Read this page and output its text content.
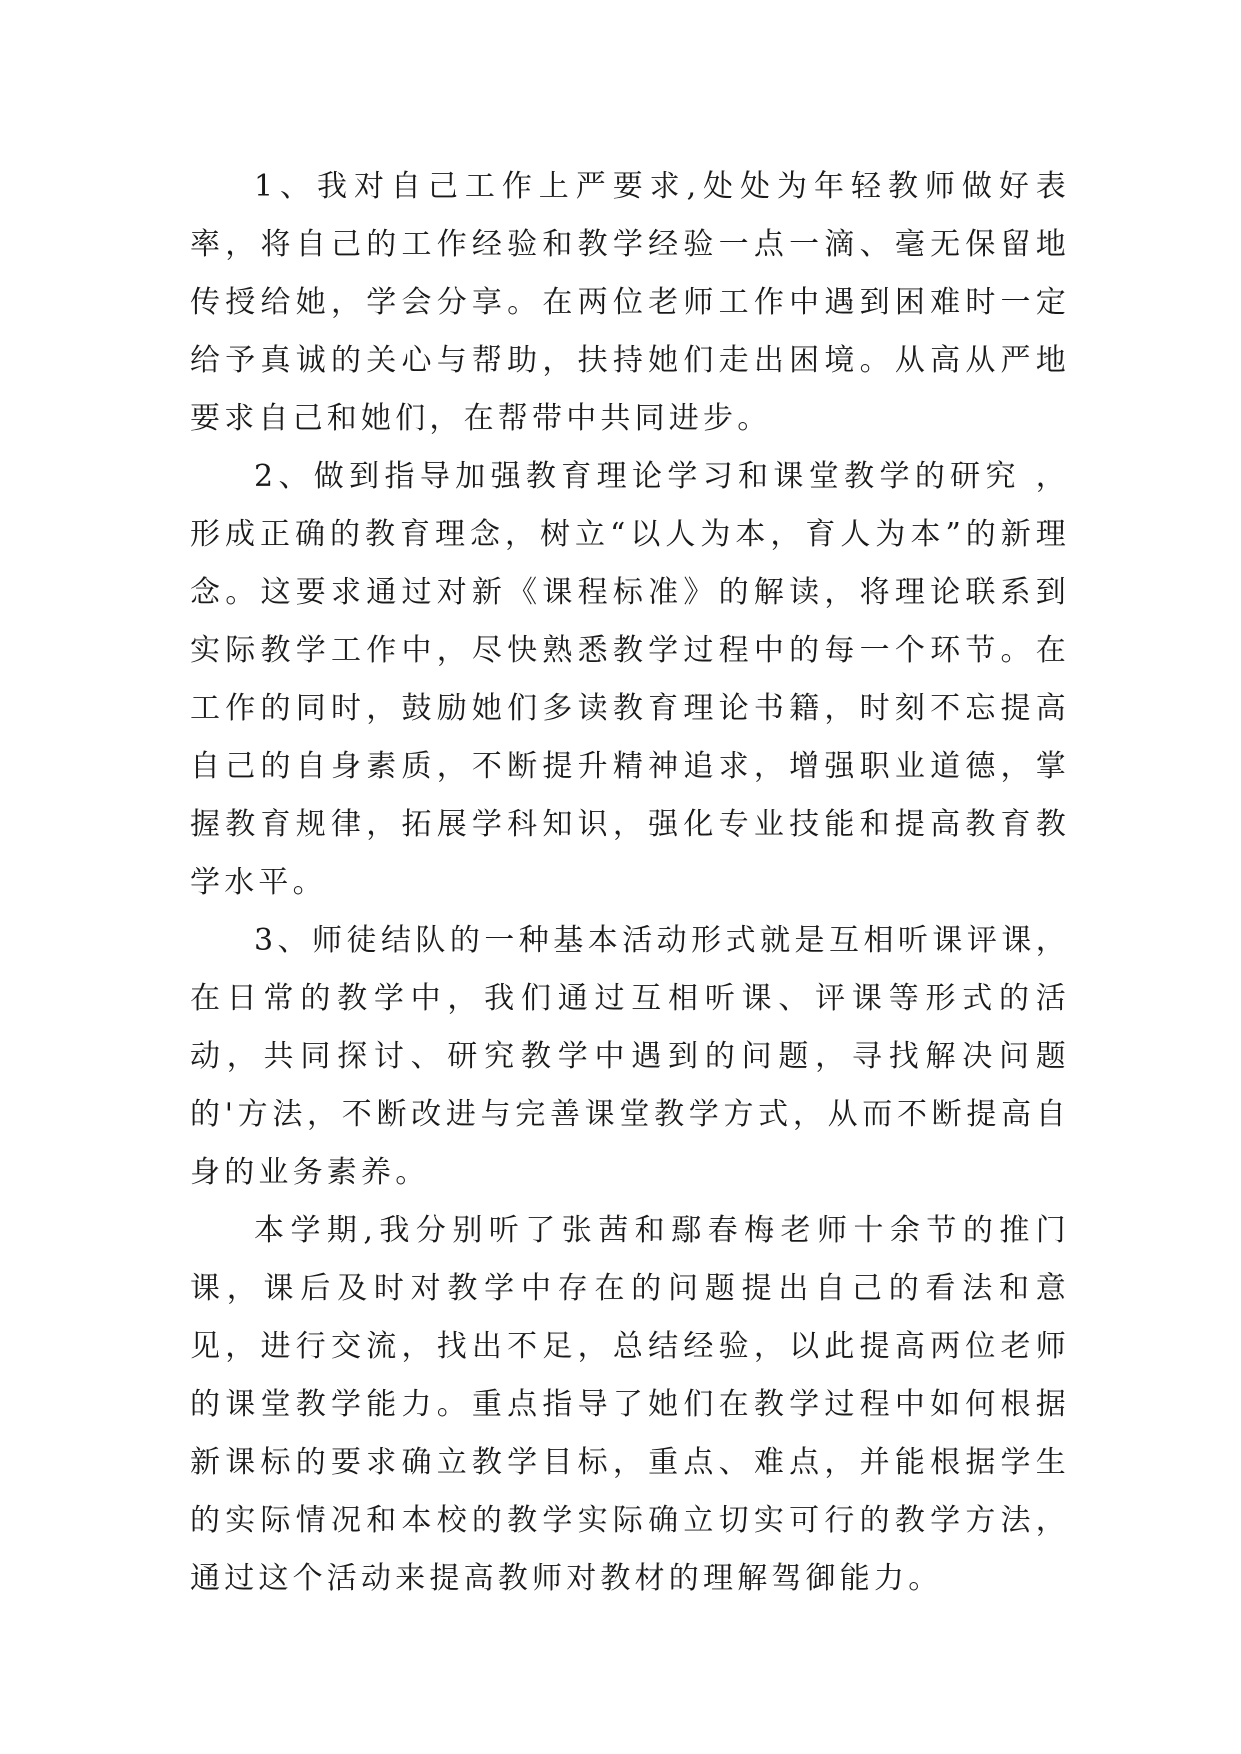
1、我对自己工作上严要求,处处为年轻教师做好表率，将自己的工作经验和教学经验一点一滴、毫无保留地传授给她，学会分享。在两位老师工作中遇到困难时一定给予真诚的关心与帮助，扶持她们走出困境。从高从严地要求自己和她们，在帮带中共同进步。

2、做到指导加强教育理论学习和课堂教学的研究 ，形成正确的教育理念，树立“以人为本，育人为本”的新理念。这要求通过对新《课程标准》的解读，将理论联系到实际教学工作中，尽快熟悉教学过程中的每一个环节。在工作的同时，鼓励她们多读教育理论书籍，时刻不忘提高自己的自身素质，不断提升精神追求，增强职业道德，掌握教育规律，拓展学科知识，强化专业技能和提高教育教学水平。

3、师徒结队的一种基本活动形式就是互相听课评课，在日常的教学中，我们通过互相听课、评课等形式的活动，共同探讨、研究教学中遇到的问题，寻找解决问题的'方法，不断改进与完善课堂教学方式，从而不断提高自身的业务素养。

本学期,我分别听了张茜和鄢春梅老师十余节的推门课，课后及时对教学中存在的问题提出自己的看法和意见，进行交流，找出不足，总结经验，以此提高两位老师的课堂教学能力。重点指导了她们在教学过程中如何根据新课标的要求确立教学目标，重点、难点，并能根据学生的实际情况和本校的教学实际确立切实可行的教学方法，通过这个活动来提高教师对教材的理解驾御能力。
